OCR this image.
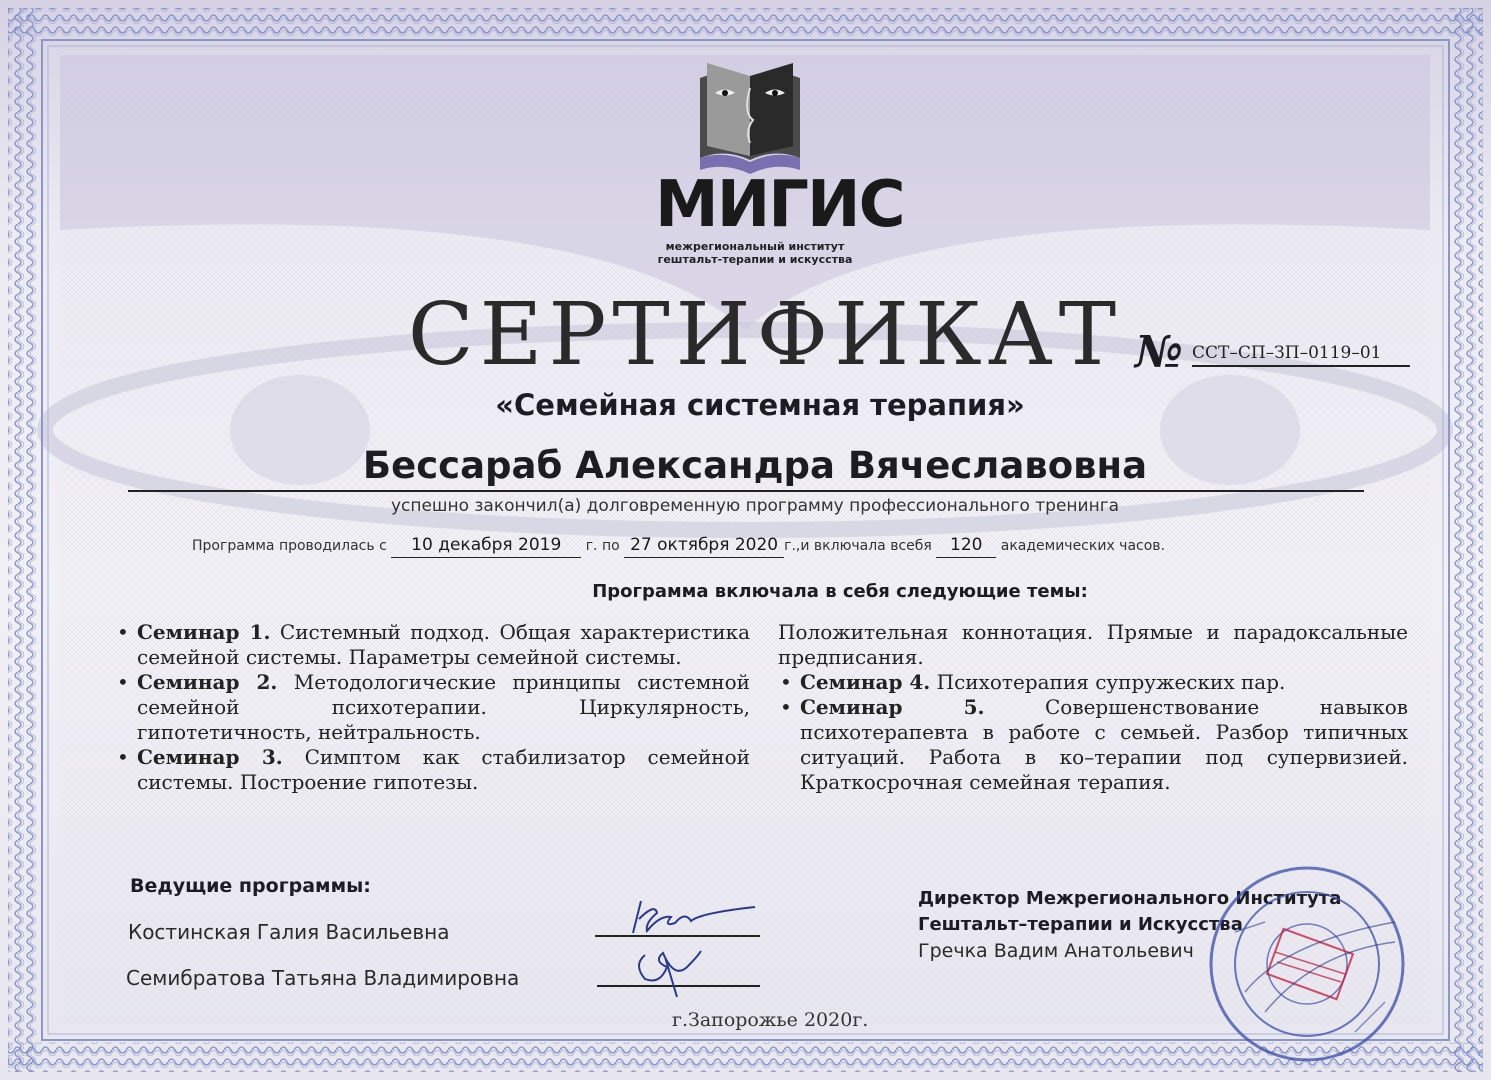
МИГИС
межрегиональный институт
гештальт-терапии и искусства
СЕРТИФИКАТ № ССТ–СП–ЗП–0119–01
«Семейная системная терапия»
Бессараб Александра Вячеславовна
успешно закончил(а) долговременную программу профессионального тренинга
Программа проводилась с 10 декабря 2019 г. по 27 октября 2020 г.,и включала всебя 120 академических часов.
Программа включала в себя следующие темы:
• Семинар 1. Системный подход. Общая характеристика семейной системы. Параметры семейной системы.
• Семинар 2. Методологические принципы системной семейной психотерапии. Циркулярность, гипотетичность, нейтральность.
• Семинар 3. Симптом как стабилизатор семейной системы. Построение гипотезы.
Положительная коннотация. Прямые и парадоксальные предписания.
• Семинар 4. Психотерапия супружеских пар.
• Семинар 5.	Совершенствование навыков психотерапевта в работе с семьей. Разбор типичных ситуаций. Работа в ко–терапии под супервизией. Краткосрочная семейная терапия.
Ведущие программы:
Костинская Галия Васильевна
Семибратова Татьяна Владимировна
г.Запорожье 2020г.
Директор Межрегионального Института
Гештальт–терапии и Искусства
Гречка Вадим Анатольевич
